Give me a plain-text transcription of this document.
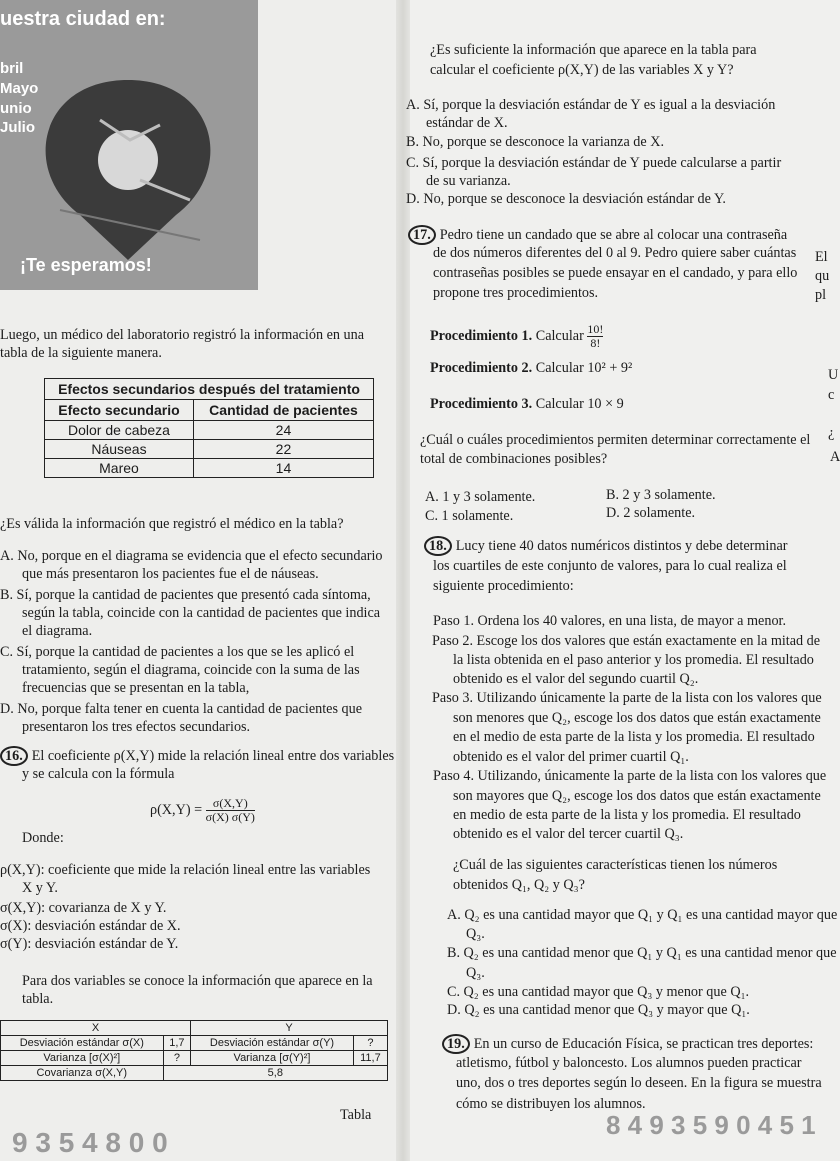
uestra ciudad en:
bril
Mayo
unio
Julio
¡Te esperamos!
Luego, un médico del laboratorio registró la información en una
tabla de la siguiente manera.
Efectos secundarios después del tratamiento	
Efecto secundario	Cantidad de pacientes
Dolor de cabeza	24
Náuseas	22
Mareo	14
¿Es válida la información que registró el médico en la tabla?
A. No, porque en el diagrama se evidencia que el efecto secundario
que más presentaron los pacientes fue el de náuseas.
B. Sí, porque la cantidad de pacientes que presentó cada síntoma,
según la tabla, coincide con la cantidad de pacientes que indica
el diagrama.
C. Sí, porque la cantidad de pacientes a los que se les aplicó el
tratamiento, según el diagrama, coincide con la suma de las
frecuencias que se presentan en la tabla,
D. No, porque falta tener en cuenta la cantidad de pacientes que
presentaron los tres efectos secundarios.
16. El coeficiente ρ(X,Y) mide la relación lineal entre dos variables
y se calcula con la fórmula
$\rho(X,Y) = \frac{\sigma(X,Y)}{\sigma(X) \sigma(Y)}$
Donde:
ρ(X,Y): coeficiente que mide la relación lineal entre las variables
X y Y.
σ(X,Y): covarianza de X y Y.
σ(X): desviación estándar de X.
σ(Y): desviación estándar de Y.
Para dos variables se conoce la información que aparece en la
tabla.
X		Y	
Desviación estándar σ(X)	1,7	Desviación estándar σ(Y)	?
Varianza [σ(X)²]	?	Varianza [σ(Y)²]	11,7
Covarianza σ(X,Y)	5,8		
Tabla
9 3 5 4 8 0 0
¿Es suficiente la información que aparece en la tabla para
calcular el coeficiente ρ(X,Y) de las variables X y Y?
A. Sí, porque la desviación estándar de Y es igual a la desviación
estándar de X.
B. No, porque se desconoce la varianza de X.
C. Sí, porque la desviación estándar de Y puede calcularse a partir
de su varianza.
D. No, porque se desconoce la desviación estándar de Y.
17. Pedro tiene un candado que se abre al colocar una contraseña
de dos números diferentes del 0 al 9. Pedro quiere saber cuántas
contraseñas posibles se puede ensayar en el candado, y para ello
propone tres procedimientos.
Procedimiento 1. Calcular $\frac{10!}{8!}$
Procedimiento 2. Calcular 10² + 9²
Procedimiento 3. Calcular 10 × 9
¿Cuál o cuáles procedimientos permiten determinar correctamente el
total de combinaciones posibles?
A. 1 y 3 solamente.	B. 2 y 3 solamente.
C. 1 solamente.	D. 2 solamente.
18. Lucy tiene 40 datos numéricos distintos y debe determinar
los cuartiles de este conjunto de valores, para lo cual realiza el
siguiente procedimiento:
Paso 1. Ordena los 40 valores, en una lista, de mayor a menor.
Paso 2. Escoge los dos valores que están exactamente en la mitad de
la lista obtenida en el paso anterior y los promedia. El resultado
obtenido es el valor del segundo cuartil Q₂.
Paso 3. Utilizando únicamente la parte de la lista con los valores que
son menores que Q₂, escoge los dos datos que están exactamente
en el medio de esta parte de la lista y los promedia. El resultado
obtenido es el valor del primer cuartil Q₁.
Paso 4. Utilizando, únicamente la parte de la lista con los valores que
son mayores que Q₂, escoge los dos datos que están exactamente
en medio de esta parte de la lista y los promedia. El resultado
obtenido es el valor del tercer cuartil Q₃.
¿Cuál de las siguientes características tienen los números
obtenidos Q₁, Q₂ y Q₃?
A. Q₂ es una cantidad mayor que Q₁ y Q₁ es una cantidad mayor que
Q₃.
B. Q₂ es una cantidad menor que Q₁ y Q₁ es una cantidad menor que
Q₃.
C. Q₂ es una cantidad mayor que Q₃ y menor que Q₁.
D. Q₂ es una cantidad menor que Q₃ y mayor que Q₁.
19. En un curso de Educación Física, se practican tres deportes:
atletismo, fútbol y baloncesto. Los alumnos pueden practicar
uno, dos o tres deportes según lo deseen. En la figura se muestra
cómo se distribuyen los alumnos.
8 4 9 3 5 9 0 4 5 1
El
qu
pl
U
c
¿
A
